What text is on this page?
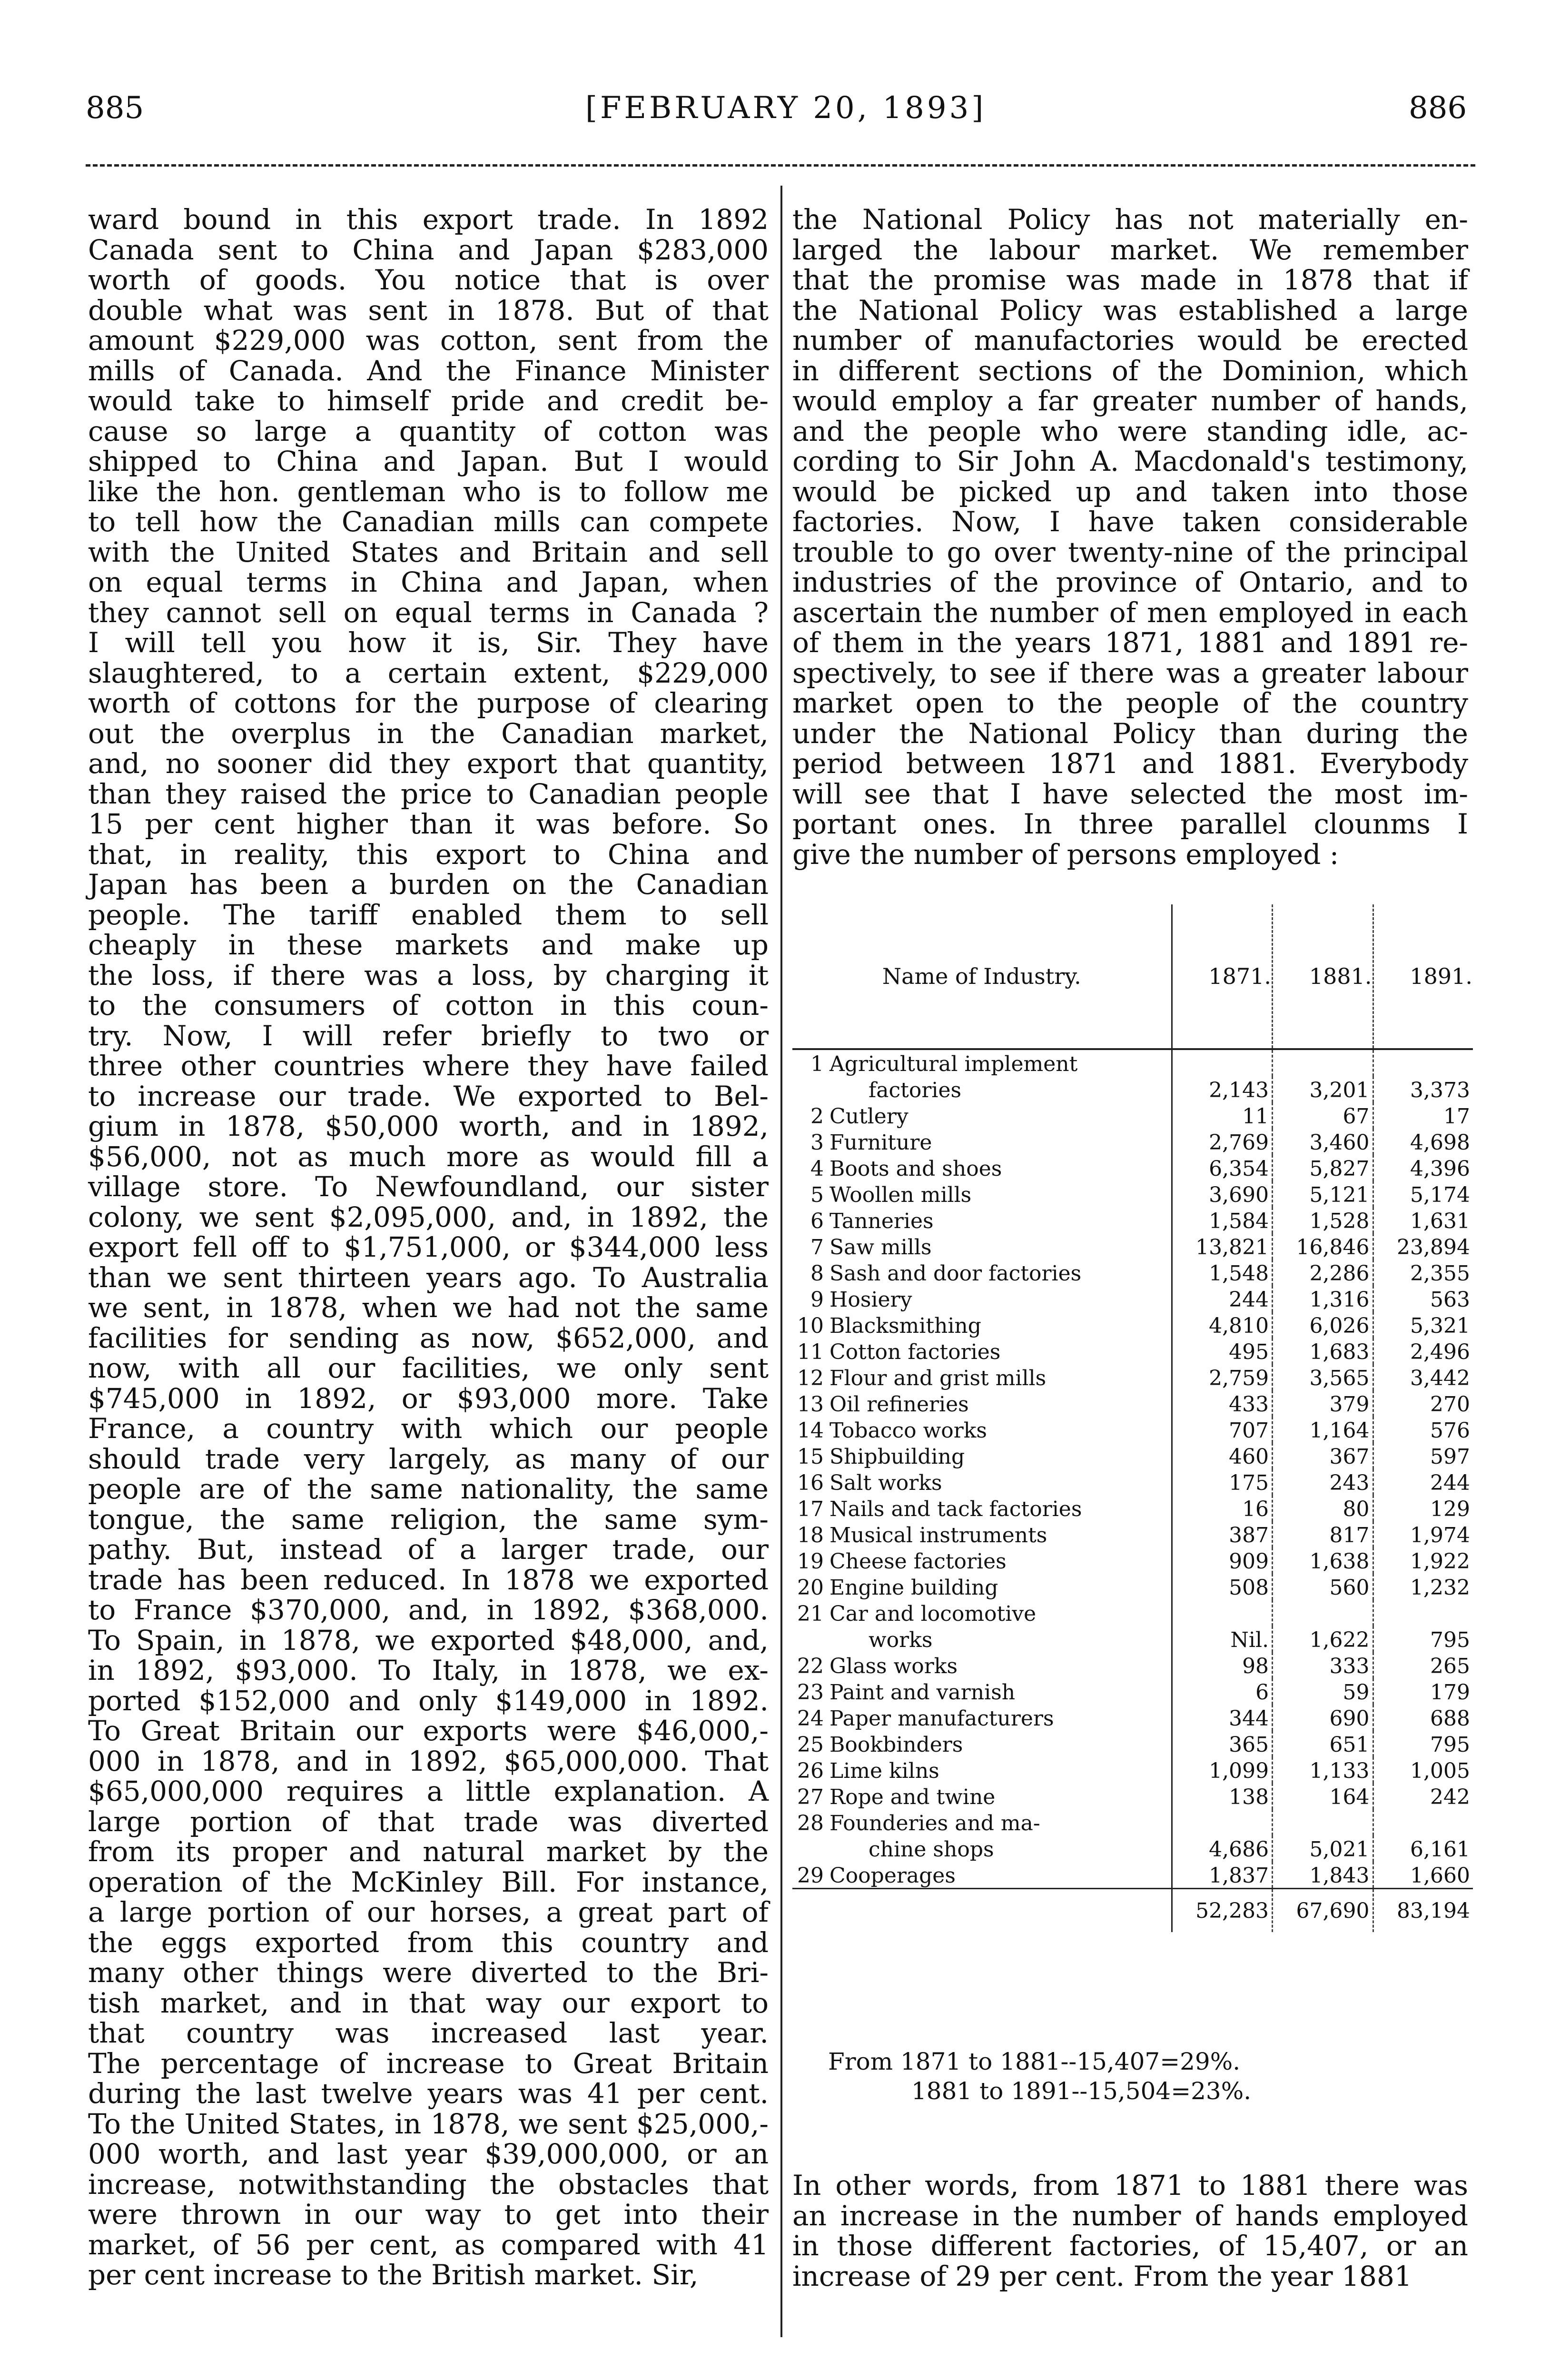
885	[FEBRUARY 20, 1893]	886
ward bound in this export trade. In 1892
Canada sent to China and Japan $283,000
worth of goods. You notice that is over
double what was sent in 1878. But of that
amount $229,000 was cotton, sent from the
mills of Canada. And the Finance Minister
would take to himself pride and credit be-
cause so large a quantity of cotton was
shipped to China and Japan. But I would
like the hon. gentleman who is to follow me
to tell how the Canadian mills can compete
with the United States and Britain and sell
on equal terms in China and Japan, when
they cannot sell on equal terms in Canada ?
I will tell you how it is, Sir. They have
slaughtered, to a certain extent, $229,000
worth of cottons for the purpose of clearing
out the overplus in the Canadian market,
and, no sooner did they export that quantity,
than they raised the price to Canadian people
15 per cent higher than it was before. So
that, in reality, this export to China and
Japan has been a burden on the Canadian
people. The tariff enabled them to sell
cheaply in these markets and make up
the loss, if there was a loss, by charging it
to the consumers of cotton in this coun-
try. Now, I will refer briefly to two or
three other countries where they have failed
to increase our trade. We exported to Bel-
gium in 1878, $50,000 worth, and in 1892,
$56,000, not as much more as would fill a
village store. To Newfoundland, our sister
colony, we sent $2,095,000, and, in 1892, the
export fell off to $1,751,000, or $344,000 less
than we sent thirteen years ago. To Australia
we sent, in 1878, when we had not the same
facilities for sending as now, $652,000, and
now, with all our facilities, we only sent
$745,000 in 1892, or $93,000 more. Take
France, a country with which our people
should trade very largely, as many of our
people are of the same nationality, the same
tongue, the same religion, the same sym-
pathy. But, instead of a larger trade, our
trade has been reduced. In 1878 we exported
to France $370,000, and, in 1892, $368,000.
To Spain, in 1878, we exported $48,000, and,
in 1892, $93,000. To Italy, in 1878, we ex-
ported $152,000 and only $149,000 in 1892.
To Great Britain our exports were $46,000,-
000 in 1878, and in 1892, $65,000,000. That
$65,000,000 requires a little explanation. A
large portion of that trade was diverted
from its proper and natural market by the
operation of the McKinley Bill. For instance,
a large portion of our horses, a great part of
the eggs exported from this country and
many other things were diverted to the Bri-
tish market, and in that way our export to
that country was increased last year.
The percentage of increase to Great Britain
during the last twelve years was 41 per cent.
To the United States, in 1878, we sent $25,000,-
000 worth, and last year $39,000,000, or an
increase, notwithstanding the obstacles that
were thrown in our way to get into their
market, of 56 per cent, as compared with 41
per cent increase to the British market. Sir,
the National Policy has not materially en-
larged the labour market. We remember
that the promise was made in 1878 that if
the National Policy was established a large
number of manufactories would be erected
in different sections of the Dominion, which
would employ a far greater number of hands,
and the people who were standing idle, ac-
cording to Sir John A. Macdonald's testimony,
would be picked up and taken into those
factories. Now, I have taken considerable
trouble to go over twenty-nine of the principal
industries of the province of Ontario, and to
ascertain the number of men employed in each
of them in the years 1871, 1881 and 1891 re-
spectively, to see if there was a greater labour
market open to the people of the country
under the National Policy than during the
period between 1871 and 1881. Everybody
will see that I have selected the most im-
portant ones. In three parallel clounms I
give the number of persons employed :
Name of Industry.	1871.	1881.	1891.
1 Agricultural implement			
factories	2,143	3,201	3,373
2 Cutlery	11	67	17
3 Furniture	2,769	3,460	4,698
4 Boots and shoes	6,354	5,827	4,396
5 Woollen mills	3,690	5,121	5,174
6 Tanneries	1,584	1,528	1,631
7 Saw mills	13,821	16,846	23,894
8 Sash and door factories	1,548	2,286	2,355
9 Hosiery	244	1,316	563
10 Blacksmithing	4,810	6,026	5,321
11 Cotton factories	495	1,683	2,496
12 Flour and grist mills	2,759	3,565	3,442
13 Oil refineries	433	379	270
14 Tobacco works	707	1,164	576
15 Shipbuilding	460	367	597
16 Salt works	175	243	244
17 Nails and tack factories	16	80	129
18 Musical instruments	387	817	1,974
19 Cheese factories	909	1,638	1,922
20 Engine building	508	560	1,232
21 Car and locomotive			
works	Nil.	1,622	795
22 Glass works	98	333	265
23 Paint and varnish	6	59	179
24 Paper manufacturers	344	690	688
25 Bookbinders	365	651	795
26 Lime kilns	1,099	1,133	1,005
27 Rope and twine	138	164	242
28 Founderies and ma-			
chine shops	4,686	5,021	6,161
29 Cooperages	1,837	1,843	1,660
	52,283	67,690	83,194
From 1871 to 1881--15,407=29%.
1881 to 1891--15,504=23%.
In other words, from 1871 to 1881 there was
an increase in the number of hands employed
in those different factories, of 15,407, or an
increase of 29 per cent. From the year 1881
